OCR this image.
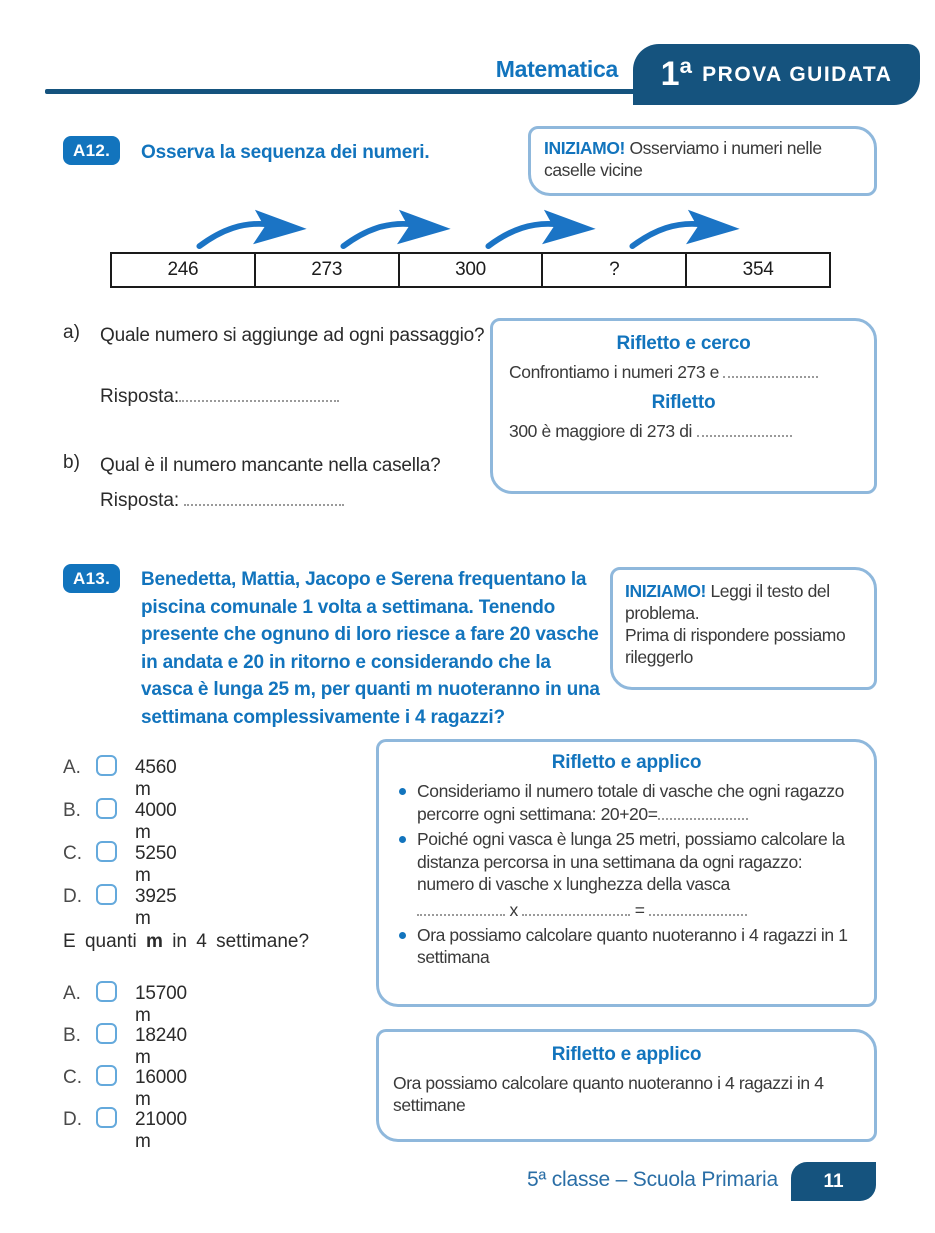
Matematica 1ª PROVA GUIDATA
A12.	Osserva la sequenza dei numeri.	INIZIAMO! Osserviamo i numeri nelle caselle vicine
246	273	300	?	354
a) Quale numero si aggiunge ad ogni passaggio?
Risposta:
b) Qual è il numero mancante nella casella?
Risposta:
Rifletto e cerco
Confrontiamo i numeri 273 e
Rifletto
300 è maggiore di 273 di
A13.	Benedetta, Mattia, Jacopo e Serena frequentano la piscina comunale 1 volta a settimana. Tenendo presente che ognuno di loro riesce a fare 20 vasche in andata e 20 in ritorno e considerando che la vasca è lunga 25 m, per quanti m nuoteranno in una settimana complessivamente i 4 ragazzi?
INIZIAMO! Leggi il testo del problema.
Prima di rispondere possiamo rileggerlo
A.	4560 m
B.	4000 m
C.	5250 m
D.	3925 m
E quanti m in 4 settimane?
A.	15700 m
B.	18240 m
C.	16000 m
D.	21000 m
Rifletto e applico
Consideriamo il numero totale di vasche che ogni ragazzo percorre ogni settimana: 20+20=
Poiché ogni vasca è lunga 25 metri, possiamo calcolare la distanza percorsa in una settimana da ogni ragazzo: numero di vasche x lunghezza della vasca
x	=
Ora possiamo calcolare quanto nuoteranno i 4 ragazzi in 1 settimana
Rifletto e applico
Ora possiamo calcolare quanto nuoteranno i 4 ragazzi in 4 settimane
5ª classe – Scuola Primaria 11
